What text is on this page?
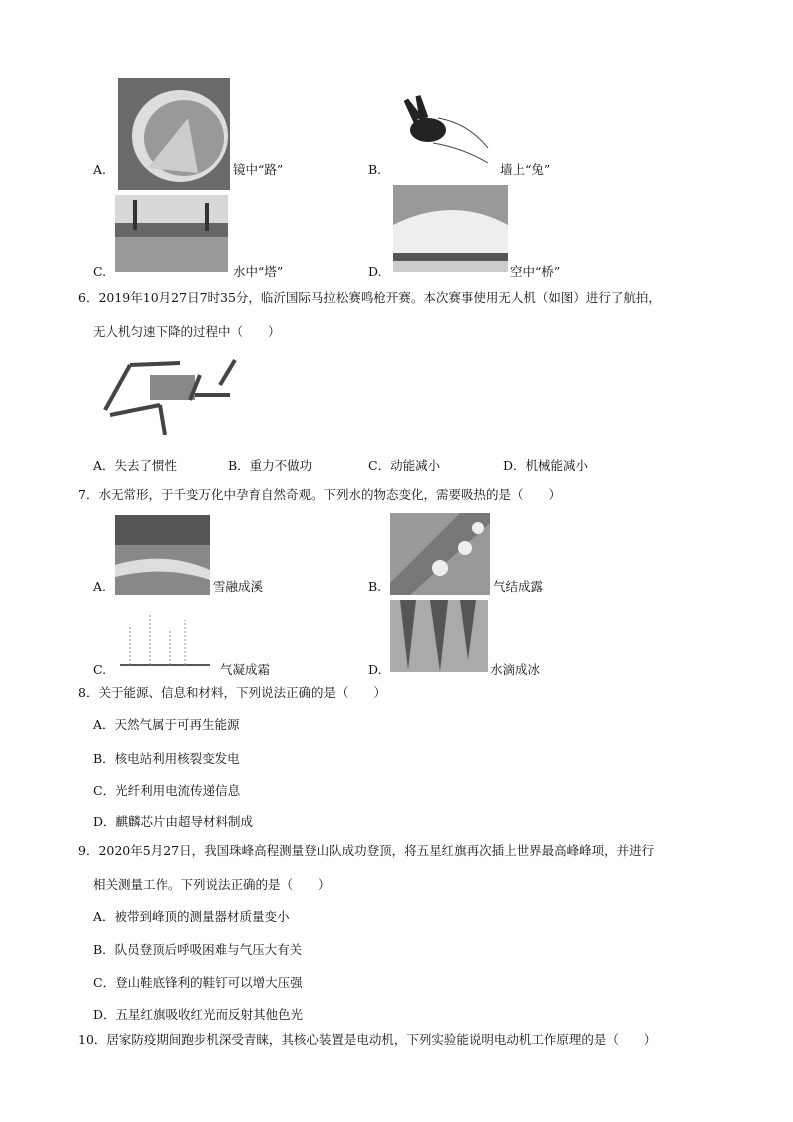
A.	镜中“路”	B.	墙上“兔”
C.	水中“塔”	D.	空中“桥”
6．2019年10月27日7时35分，临沂国际马拉松赛鸣枪开赛。本次赛事使用无人机（如图）进行了航拍，
无人机匀速下降的过程中（　　）
A．失去了惯性	B．重力不做功	C．动能减小	D．机械能减小
7．水无常形，于千变万化中孕育自然奇观。下列水的物态变化，需要吸热的是（　　）
A.	雪融成溪	B.	气结成露
C.	气凝成霜	D.	水滴成冰
8．关于能源、信息和材料，下列说法正确的是（　　）
A．天然气属于可再生能源
B．核电站利用核裂变发电
C．光纤利用电流传递信息
D．麒麟芯片由超导材料制成
9．2020年5月27日，我国珠峰高程测量登山队成功登顶，将五星红旗再次插上世界最高峰峰项，并进行
相关测量工作。下列说法正确的是（　　）
A．被带到峰顶的测量器材质量变小
B．队员登顶后呼吸困难与气压大有关
C．登山鞋底锋利的鞋钉可以增大压强
D．五星红旗吸收红光而反射其他色光
10．居家防疫期间跑步机深受青睐，其核心装置是电动机，下列实验能说明电动机工作原理的是（　　）
